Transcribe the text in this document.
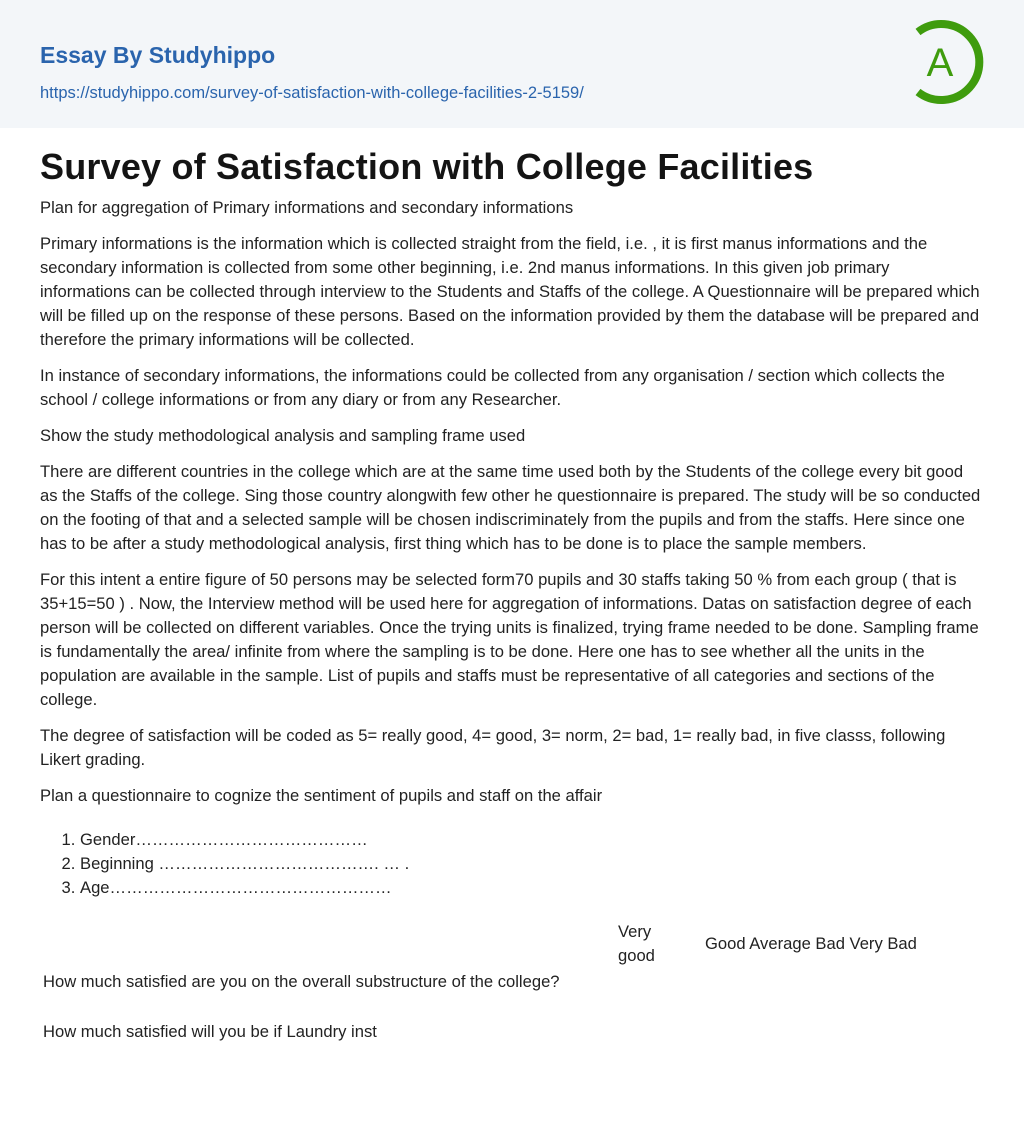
Essay By Studyhippo
https://studyhippo.com/survey-of-satisfaction-with-college-facilities-2-5159/
A
Survey of Satisfaction with College Facilities

Plan for aggregation of Primary informations and secondary informations

Primary informations is the information which is collected straight from the field, i.e. , it is first manus informations and the secondary information is collected from some other beginning, i.e. 2nd manus informations. In this given job primary informations can be collected through interview to the Students and Staffs of the college. A Questionnaire will be prepared which will be filled up on the response of these persons. Based on the information provided by them the database will be prepared and therefore the primary informations will be collected.

In instance of secondary informations, the informations could be collected from any organisation / section which collects the school / college informations or from any diary or from any Researcher.

Show the study methodological analysis and sampling frame used

There are different countries in the college which are at the same time used both by the Students of the college every bit good as the Staffs of the college. Sing those country alongwith few other he questionnaire is prepared. The study will be so conducted on the footing of that and a selected sample will be chosen indiscriminately from the pupils and from the staffs. Here since one has to be after a study methodological analysis, first thing which has to be done is to place the sample members.

For this intent a entire figure of 50 persons may be selected form70 pupils and 30 staffs taking 50 % from each group ( that is 35+15=50 ) . Now, the Interview method will be used here for aggregation of informations. Datas on satisfaction degree of each person will be collected on different variables. Once the trying units is finalized, trying frame needed to be done. Sampling frame is fundamentally the area/ infinite from where the sampling is to be done. Here one has to see whether all the units in the population are available in the sample. List of pupils and staffs must be representative of all categories and sections of the college.

The degree of satisfaction will be coded as 5= really good, 4= good, 3= norm, 2= bad, 1= really bad, in five classs, following Likert grading.

Plan a questionnaire to cognize the sentiment of pupils and staff on the affair

1. Gender……………………………………
2. Beginning …………………………………. … .
3. Age……………………………………………
Very good
Good Average Bad Very Bad
How much satisfied are you on the overall substructure of the college?
How much satisfied will you be if Laundry inst
